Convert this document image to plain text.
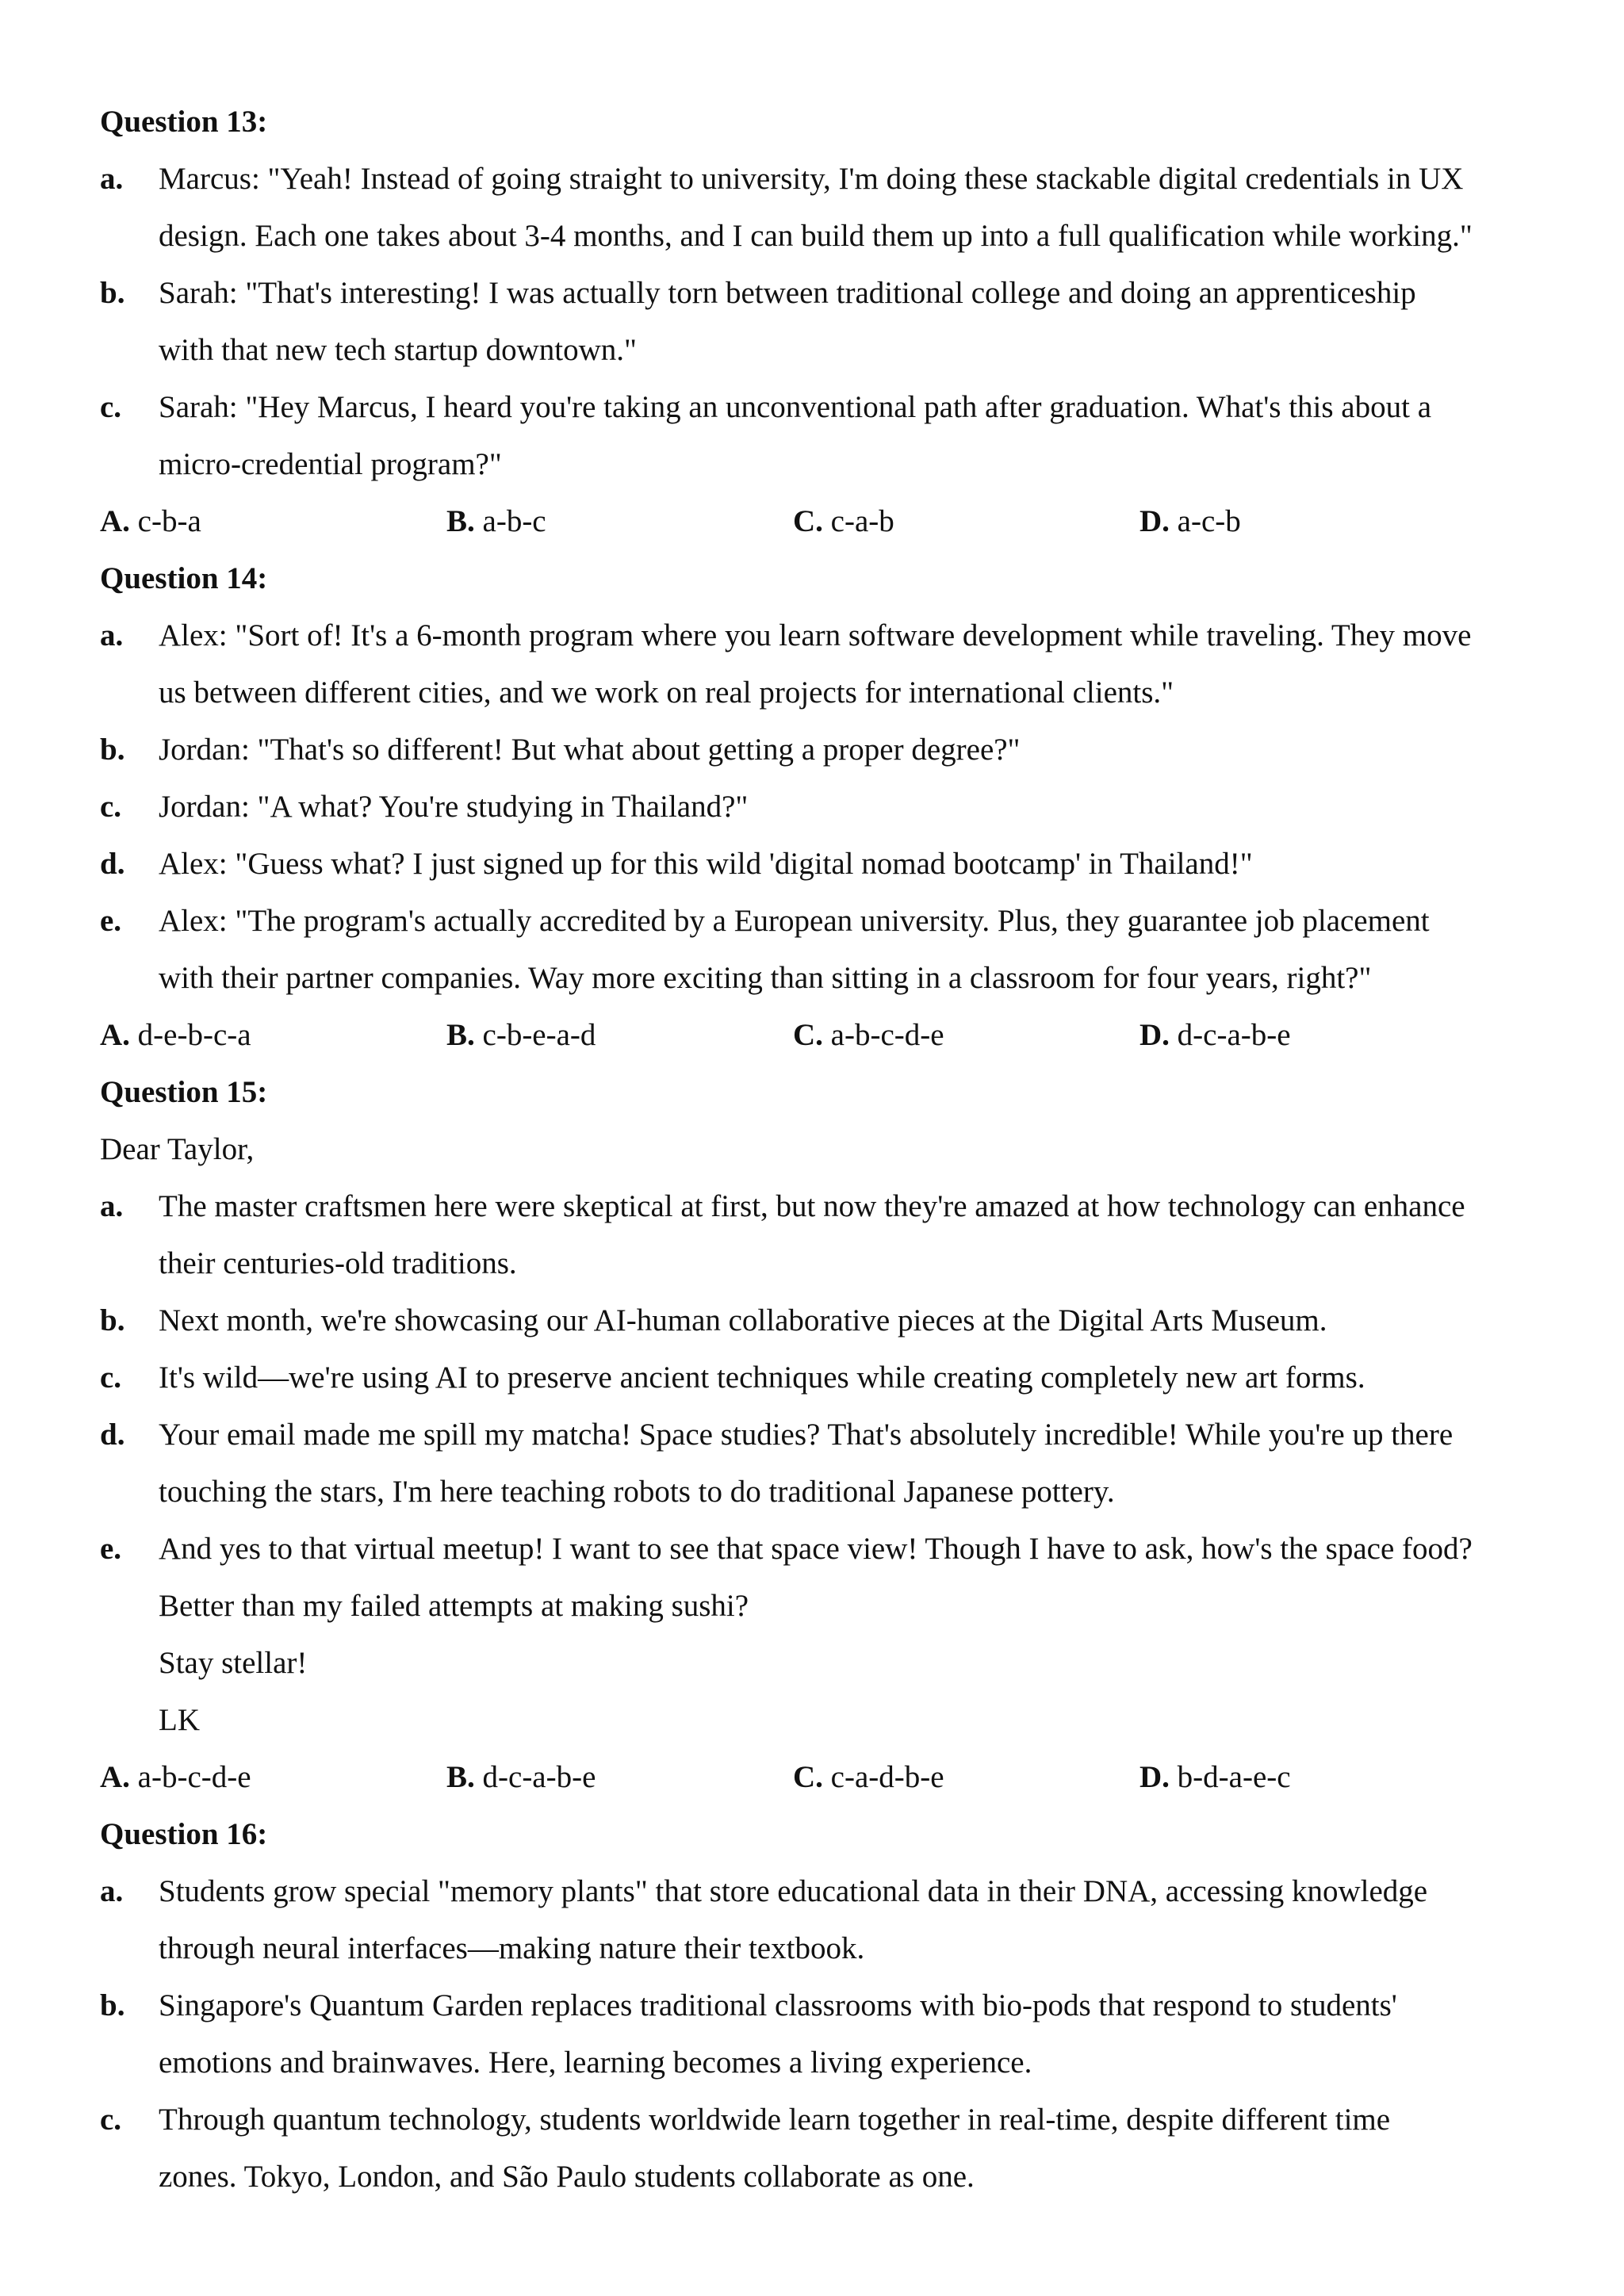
Question 13:
a.	Marcus: "Yeah! Instead of going straight to university, I'm doing these stackable digital credentials in UX
design. Each one takes about 3-4 months, and I can build them up into a full qualification while working."
b.	Sarah: "That's interesting! I was actually torn between traditional college and doing an apprenticeship
with that new tech startup downtown."
c.	Sarah: "Hey Marcus, I heard you're taking an unconventional path after graduation. What's this about a
micro-credential program?"
A. c-b-a	B. a-b-c	C. c-a-b	D. a-c-b
Question 14:
a.	Alex: "Sort of! It's a 6-month program where you learn software development while traveling. They move
us between different cities, and we work on real projects for international clients."
b.	Jordan: "That's so different! But what about getting a proper degree?"
c.	Jordan: "A what? You're studying in Thailand?"
d.	Alex: "Guess what? I just signed up for this wild 'digital nomad bootcamp' in Thailand!"
e.	Alex: "The program's actually accredited by a European university. Plus, they guarantee job placement
with their partner companies. Way more exciting than sitting in a classroom for four years, right?"
A. d-e-b-c-a	B. c-b-e-a-d	C. a-b-c-d-e	D. d-c-a-b-e
Question 15:
Dear Taylor,
a.	The master craftsmen here were skeptical at first, but now they're amazed at how technology can enhance
their centuries-old traditions.
b.	Next month, we're showcasing our AI-human collaborative pieces at the Digital Arts Museum.
c.	It's wild—we're using AI to preserve ancient techniques while creating completely new art forms.
d.	Your email made me spill my matcha! Space studies? That's absolutely incredible! While you're up there
touching the stars, I'm here teaching robots to do traditional Japanese pottery.
e.	And yes to that virtual meetup! I want to see that space view! Though I have to ask, how's the space food?
Better than my failed attempts at making sushi?
Stay stellar!
LK
A. a-b-c-d-e	B. d-c-a-b-e	C. c-a-d-b-e	D. b-d-a-e-c
Question 16:
a.	Students grow special "memory plants" that store educational data in their DNA, accessing knowledge
through neural interfaces—making nature their textbook.
b.	Singapore's Quantum Garden replaces traditional classrooms with bio-pods that respond to students'
emotions and brainwaves. Here, learning becomes a living experience.
c.	Through quantum technology, students worldwide learn together in real-time, despite different time
zones. Tokyo, London, and São Paulo students collaborate as one.
